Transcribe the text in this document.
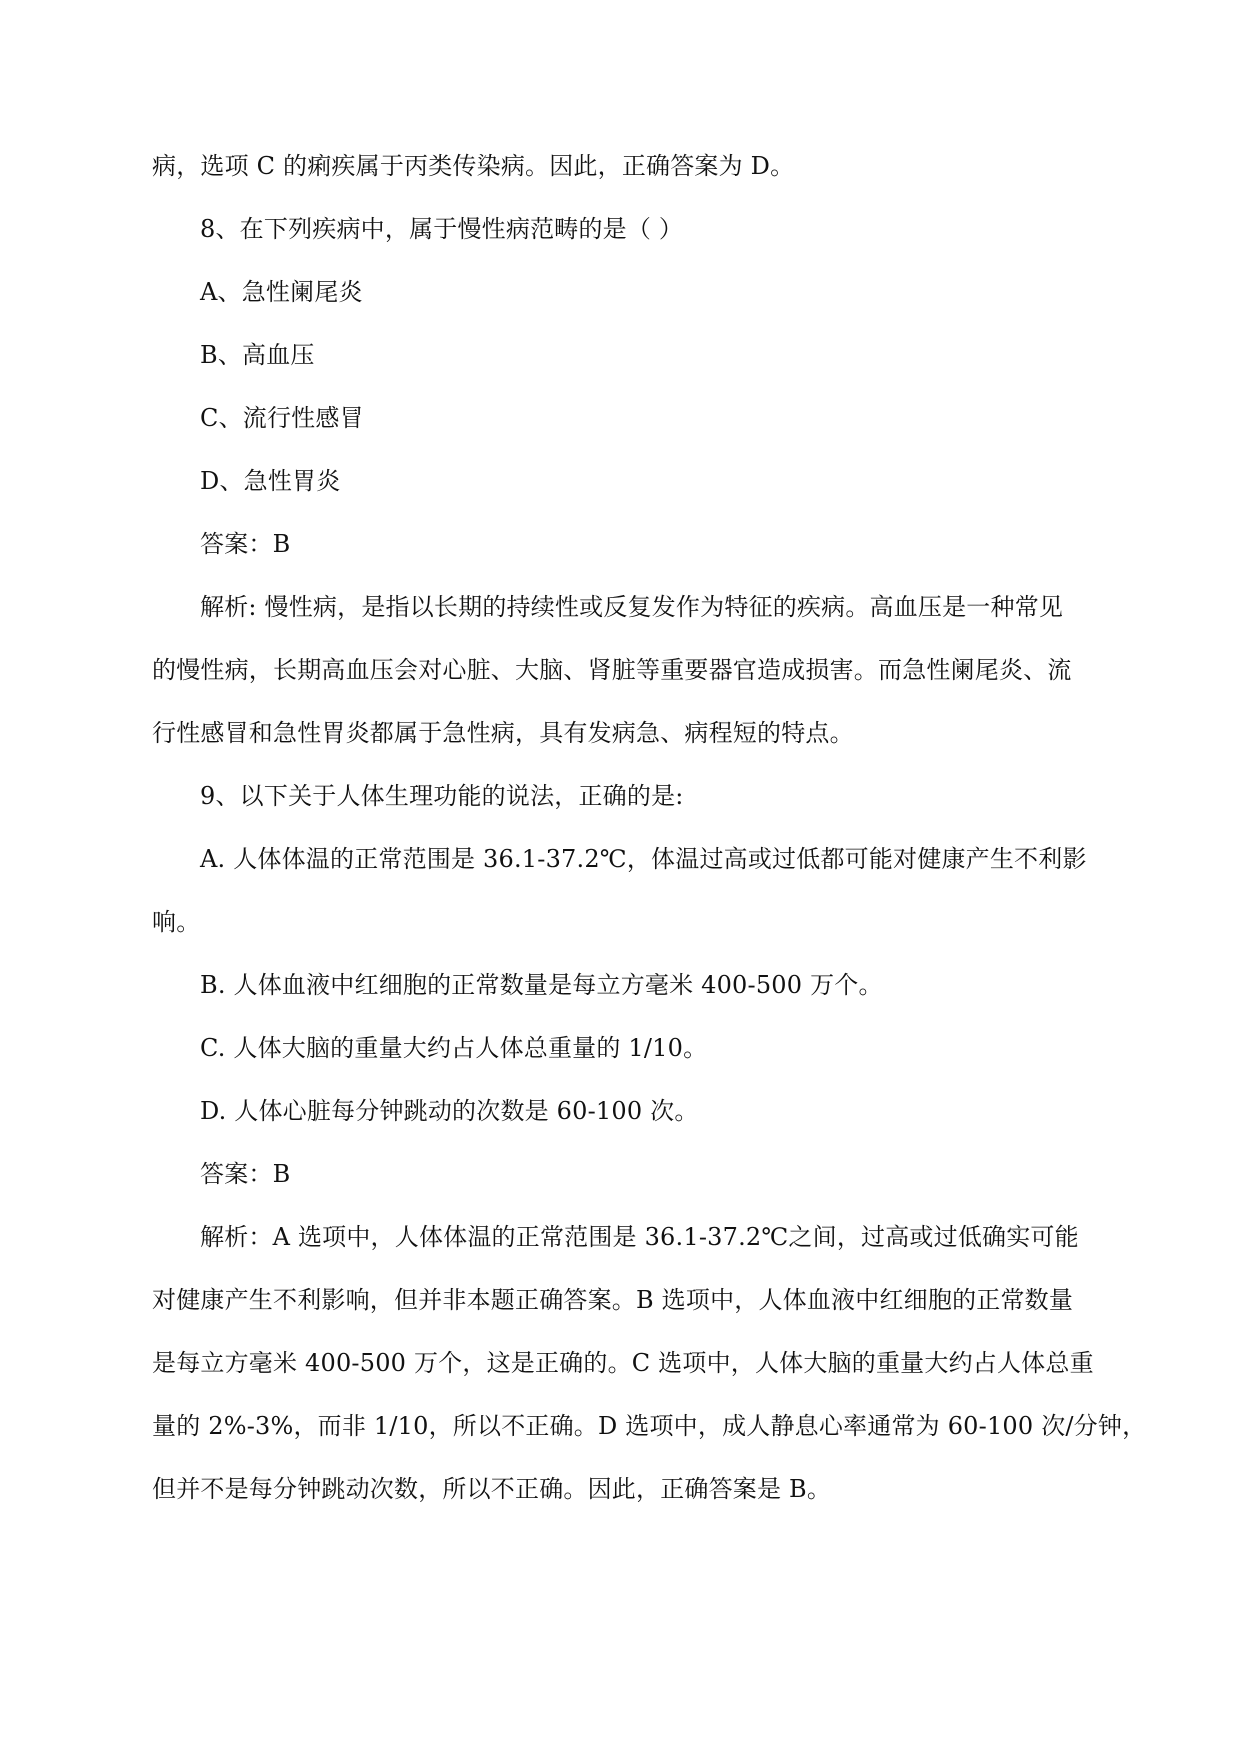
病，选项 C 的痢疾属于丙类传染病。因此，正确答案为 D。
8、在下列疾病中，属于慢性病范畴的是（ ）
A、急性阑尾炎
B、高血压
C、流行性感冒
D、急性胃炎
答案：B
解析: 慢性病，是指以长期的持续性或反复发作为特征的疾病。高血压是一种常见
的慢性病，长期高血压会对心脏、大脑、肾脏等重要器官造成损害。而急性阑尾炎、流
行性感冒和急性胃炎都属于急性病，具有发病急、病程短的特点。
9、以下关于人体生理功能的说法，正确的是:
A. 人体体温的正常范围是 36.1-37.2℃，体温过高或过低都可能对健康产生不利影
响。
B. 人体血液中红细胞的正常数量是每立方毫米 400-500 万个。
C. 人体大脑的重量大约占人体总重量的 1/10。
D. 人体心脏每分钟跳动的次数是 60-100 次。
答案：B
解析：A 选项中，人体体温的正常范围是 36.1-37.2℃之间，过高或过低确实可能
对健康产生不利影响，但并非本题正确答案。B 选项中，人体血液中红细胞的正常数量
是每立方毫米 400-500 万个，这是正确的。C 选项中，人体大脑的重量大约占人体总重
量的 2%-3%，而非 1/10，所以不正确。D 选项中，成人静息心率通常为 60-100 次/分钟，
但并不是每分钟跳动次数，所以不正确。因此，正确答案是 B。
